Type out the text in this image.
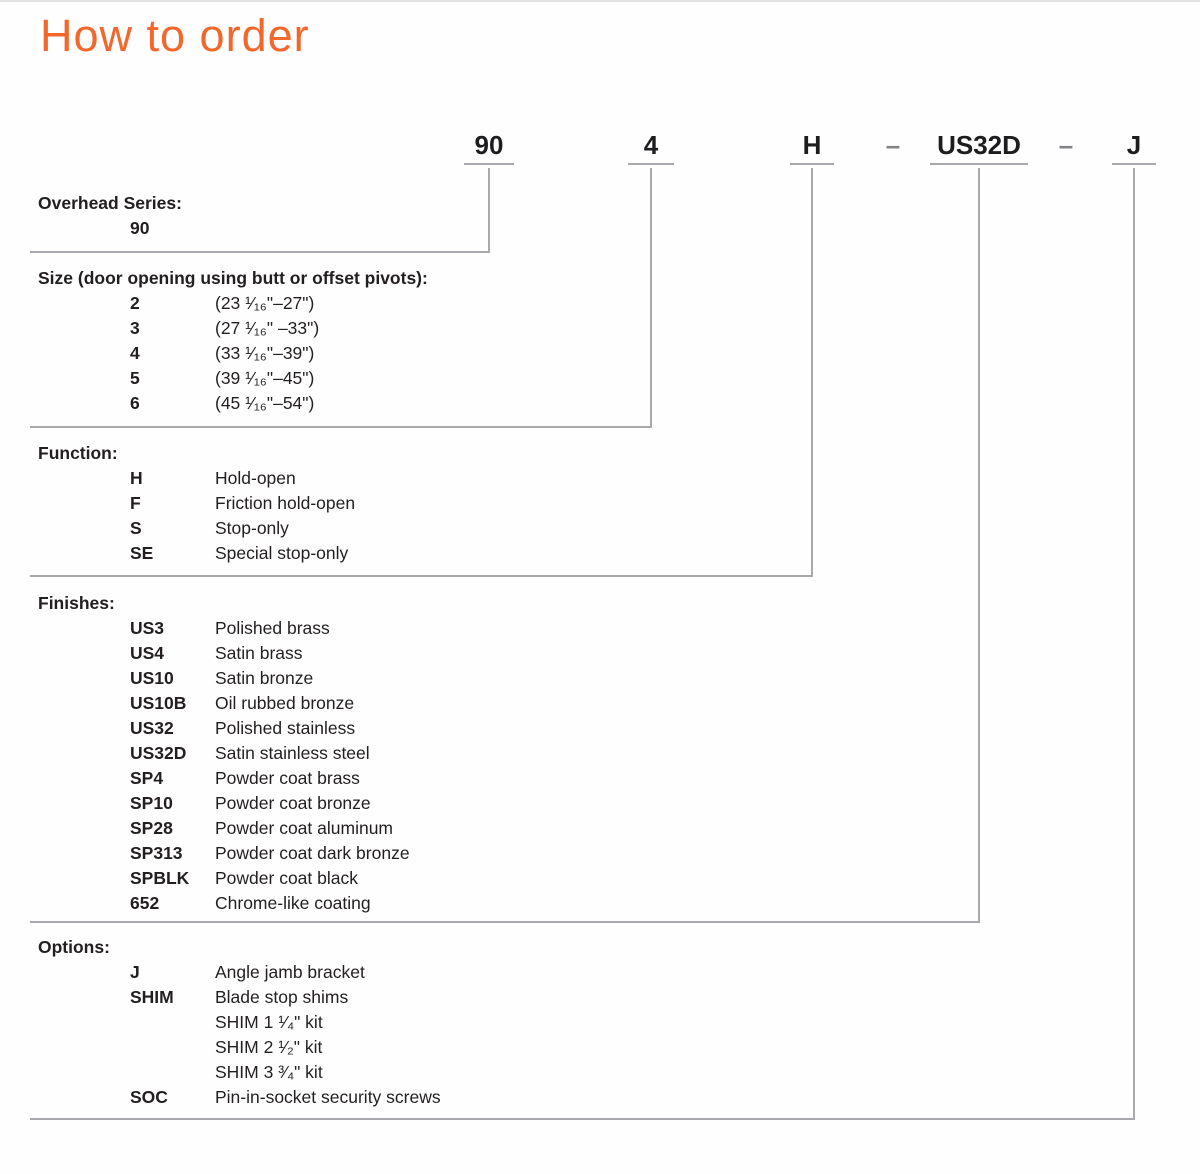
How to order
90	4	H	– US32D –	J
Overhead Series:
90
Size (door opening using butt or offset pivots):
2	(23 ¹⁄₁₆"–27")
3	(27 ¹⁄₁₆" –33")
4	(33 ¹⁄₁₆"–39")
5	(39 ¹⁄₁₆"–45")
6	(45 ¹⁄₁₆"–54")
Function:
H	Hold-open
F	Friction hold-open
S	Stop-only
SE	Special stop-only
Finishes:
US3	Polished brass
US4	Satin brass
US10	Satin bronze
US10B	Oil rubbed bronze
US32	Polished stainless
US32D	Satin stainless steel
SP4	Powder coat brass
SP10	Powder coat bronze
SP28	Powder coat aluminum
SP313	Powder coat dark bronze
SPBLK	Powder coat black
652	Chrome-like coating
Options:
J	Angle jamb bracket
SHIM	Blade stop shims
SHIM 1 ¹⁄₄" kit
SHIM 2 ¹⁄₂" kit
SHIM 3 ³⁄₄" kit
SOC	Pin-in-socket security screws
